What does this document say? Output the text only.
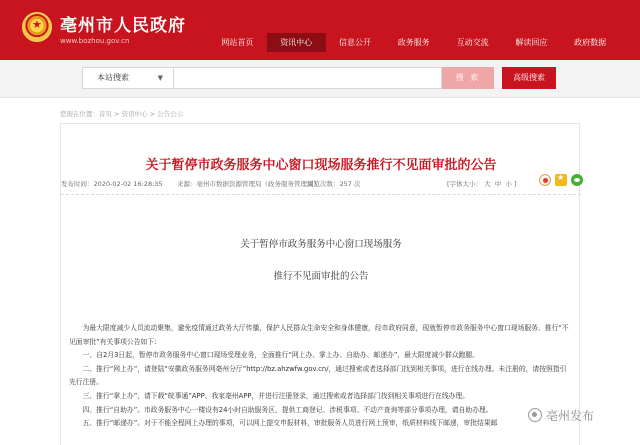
★ 亳州市人民政府
www.bozhou.gov.cn	网站首页	资讯中心	信息公开	政务服务	互动交流	解读回应	政府数据
本站搜索	▼	搜 索	高级搜索
您现在位置：首页 > 资讯中心 > 公告公示
关于暂停市政务服务中心窗口现场服务推行不见面审批的公告
发布时间：2020-02-02 16:28:35 来源：亳州市数据资源管理局（政务服务管理局）
浏览次数：257 次	[字体大小： 大 中 小 ]
★
关于暂停市政务服务中心窗口现场服务
推行不见面审批的公告

为最大限度减少人员流动聚集，避免疫情通过政务大厅传播，保护人民群众生命安全和身体健康，经市政府同意，现就暂停市政务服务中心窗口现场服务、推行“不见面审批”有关事项公告如下：

一、自2月3日起，暂停市政务服务中心窗口现场受理业务，全面推行“网上办、掌上办、自助办、邮递办”，最大限度减少群众跑腿。

二、推行“网上办”，请登陆“安徽政务服务网亳州分厅”http://bz.ahzwfw.gov.cn/，通过搜索或者选择部门找到相关事项，进行在线办理。未注册的，请按照指引先行注册。

三、推行“掌上办”，请下载“皖事通”APP、我家亳州APP，并进行注册登录，通过搜索或者选择部门找到相关事项进行在线办理。

四、推行“自助办”。市政务服务中心一楼设有24小时自助服务区，提供工商登记、涉税事项、不动产查询等部分事项办理，请自助办理。

五、推行“邮递办”。对于不能全程网上办理的事项，可以网上提交申报材料，审批服务人员进行网上预审，纸质材料线下邮递，审批结果邮

亳州发布
